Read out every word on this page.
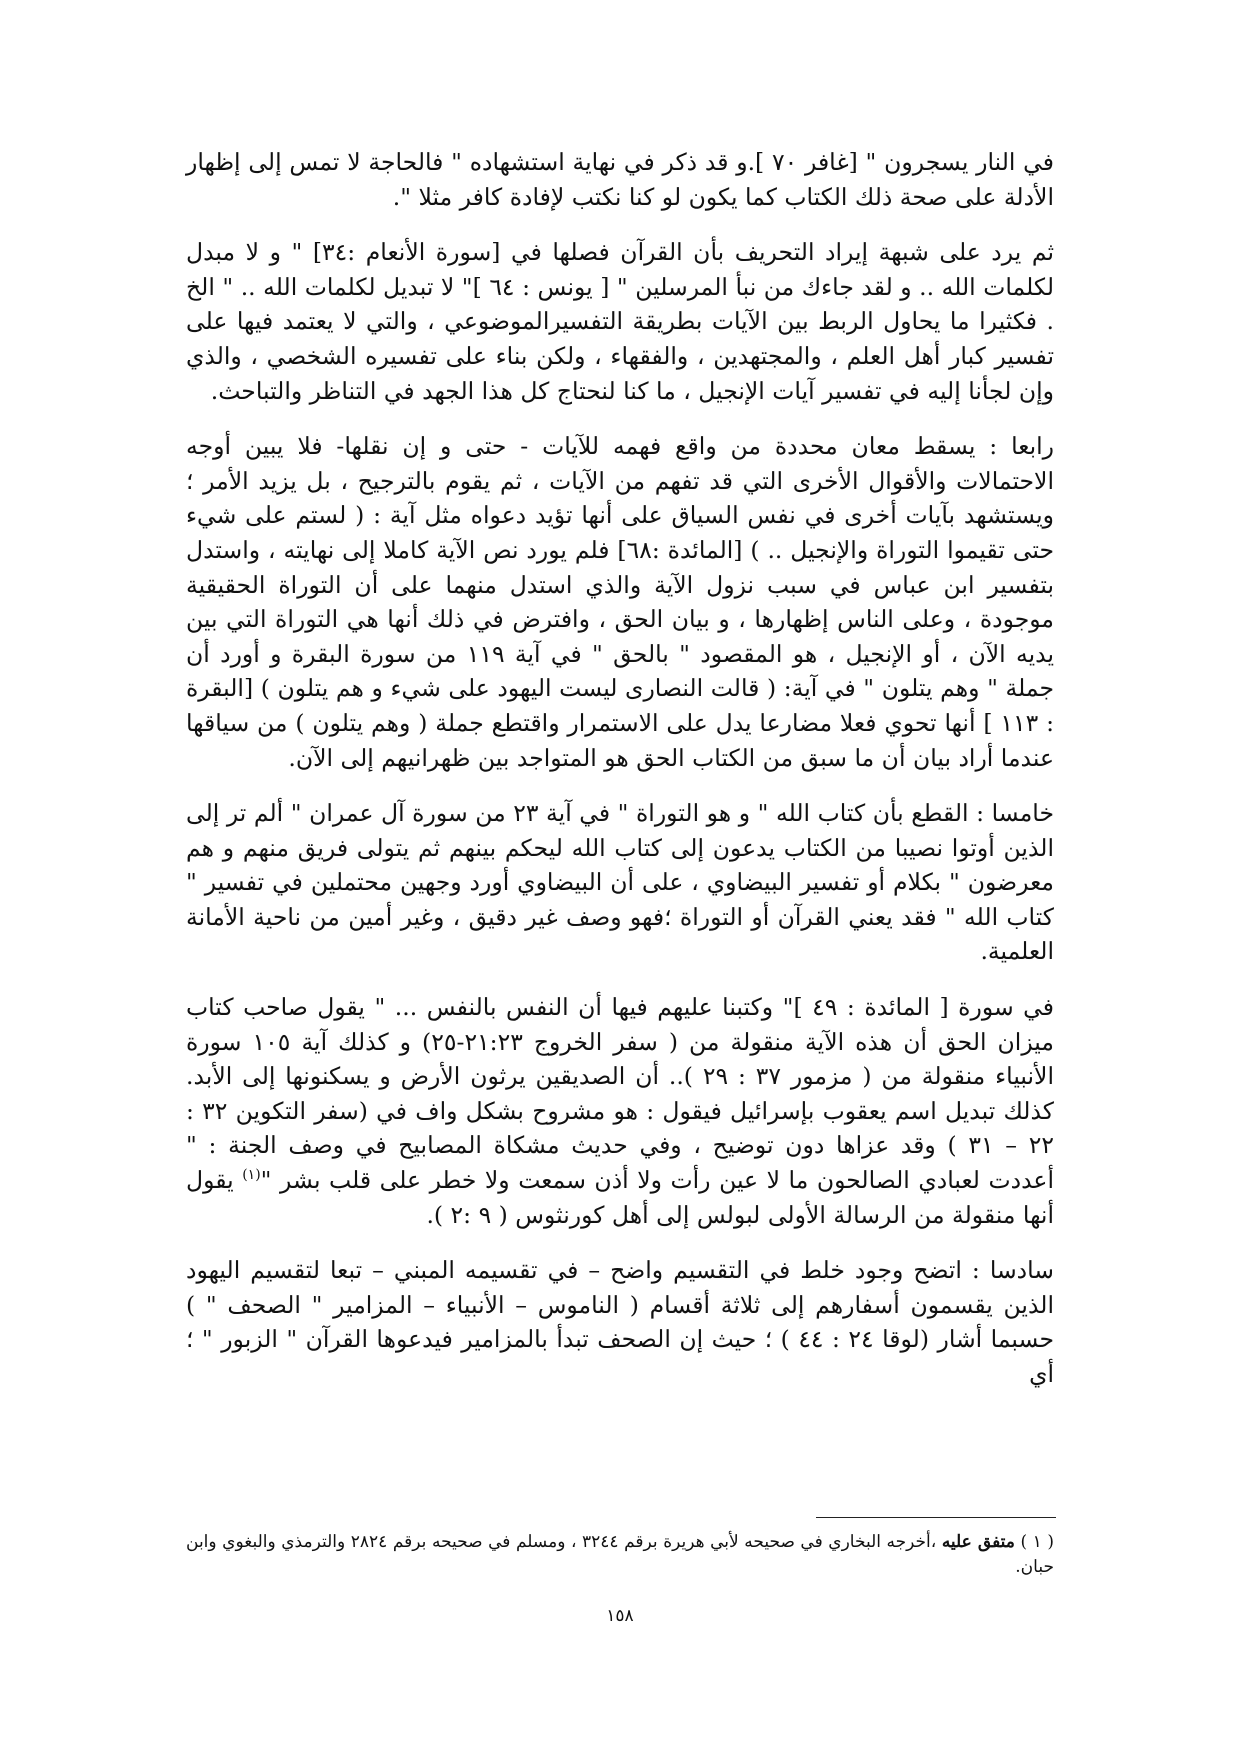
في النار يسجرون " [غافر ٧٠ ].و قد ذكر في نهاية استشهاده " فالحاجة لا تمس إلى إظهار الأدلة على صحة ذلك الكتاب كما يكون لو كنا نكتب لإفادة كافر مثلا ".

ثم يرد على شبهة إيراد التحريف بأن القرآن فصلها في [سورة الأنعام :٣٤] " و لا مبدل لكلمات الله .. و لقد جاءك من نبأ المرسلين " [ يونس : ٦٤ ]" لا تبديل لكلمات الله .. " الخ . فكثيرا ما يحاول الربط بين الآيات بطريقة التفسيرالموضوعي ، والتي لا يعتمد فيها على تفسير كبار أهل العلم ، والمجتهدين ، والفقهاء ، ولكن بناء على تفسيره الشخصي ، والذي وإن لجأنا إليه في تفسير آيات الإنجيل ، ما كنا لنحتاج كل هذا الجهد في التناظر والتباحث.

رابعا : يسقط معان محددة من واقع فهمه للآيات - حتى و إن نقلها- فلا يبين أوجه الاحتمالات والأقوال الأخرى التي قد تفهم من الآيات ، ثم يقوم بالترجيح ، بل يزيد الأمر ؛ ويستشهد بآيات أخرى في نفس السياق على أنها تؤيد دعواه مثل آية : ( لستم على شيء حتى تقيموا التوراة والإنجيل .. ) [المائدة :٦٨] فلم يورد نص الآية كاملا إلى نهايته ، واستدل بتفسير ابن عباس في سبب نزول الآية والذي استدل منهما على أن التوراة الحقيقية موجودة ، وعلى الناس إظهارها ، و بيان الحق ، وافترض في ذلك أنها هي التوراة التي بين يديه الآن ، أو الإنجيل ، هو المقصود " بالحق " في آية ١١٩ من سورة البقرة و أورد أن جملة " وهم يتلون " في آية: ( قالت النصارى ليست اليهود على شيء و هم يتلون ) [البقرة : ١١٣ ] أنها تحوي فعلا مضارعا يدل على الاستمرار واقتطع جملة ( وهم يتلون ) من سياقها عندما أراد بيان أن ما سبق من الكتاب الحق هو المتواجد بين ظهرانيهم إلى الآن.

خامسا : القطع بأن كتاب الله " و هو التوراة " في آية ٢٣ من سورة آل عمران " ألم تر إلى الذين أوتوا نصيبا من الكتاب يدعون إلى كتاب الله ليحكم بينهم ثم يتولى فريق منهم و هم معرضون " بكلام أو تفسير البيضاوي ، على أن البيضاوي أورد وجهين محتملين في تفسير " كتاب الله " فقد يعني القرآن أو التوراة ؛فهو وصف غير دقيق ، وغير أمين من ناحية الأمانة العلمية.

في سورة [ المائدة : ٤٩ ]" وكتبنا عليهم فيها أن النفس بالنفس ... " يقول صاحب كتاب ميزان الحق أن هذه الآية منقولة من ( سفر الخروج ٢١:٢٣-٢٥) و كذلك آية ١٠٥ سورة الأنبياء منقولة من ( مزمور ٣٧ : ٢٩ ).. أن الصديقين يرثون الأرض و يسكنونها إلى الأبد. كذلك تبديل اسم يعقوب بإسرائيل فيقول : هو مشروح بشكل واف في (سفر التكوين ٣٢ : ٢٢ – ٣١ ) وقد عزاها دون توضيح ، وفي حديث مشكاة المصابيح في وصف الجنة : " أعددت لعبادي الصالحون ما لا عين رأت ولا أذن سمعت ولا خطر على قلب بشر "$^{(١)}$ يقول أنها منقولة من الرسالة الأولى لبولس إلى أهل كورنثوس ( ٩ :٢ ).

سادسا : اتضح وجود خلط في التقسيم واضح – في تقسيمه المبني – تبعا لتقسيم اليهود الذين يقسمون أسفارهم إلى ثلاثة أقسام ( الناموس – الأنبياء – المزامير " الصحف " ) حسبما أشار (لوقا ٢٤ : ٤٤ ) ؛ حيث إن الصحف تبدأ بالمزامير فيدعوها القرآن " الزبور " ؛ أي

( ١ ) متفق عليه ،أخرجه البخاري في صحيحه لأبي هريرة برقم ٣٢٤٤ ، ومسلم في صحيحه برقم ٢٨٢٤ والترمذي والبغوي وابن حبان.
١٥٨
